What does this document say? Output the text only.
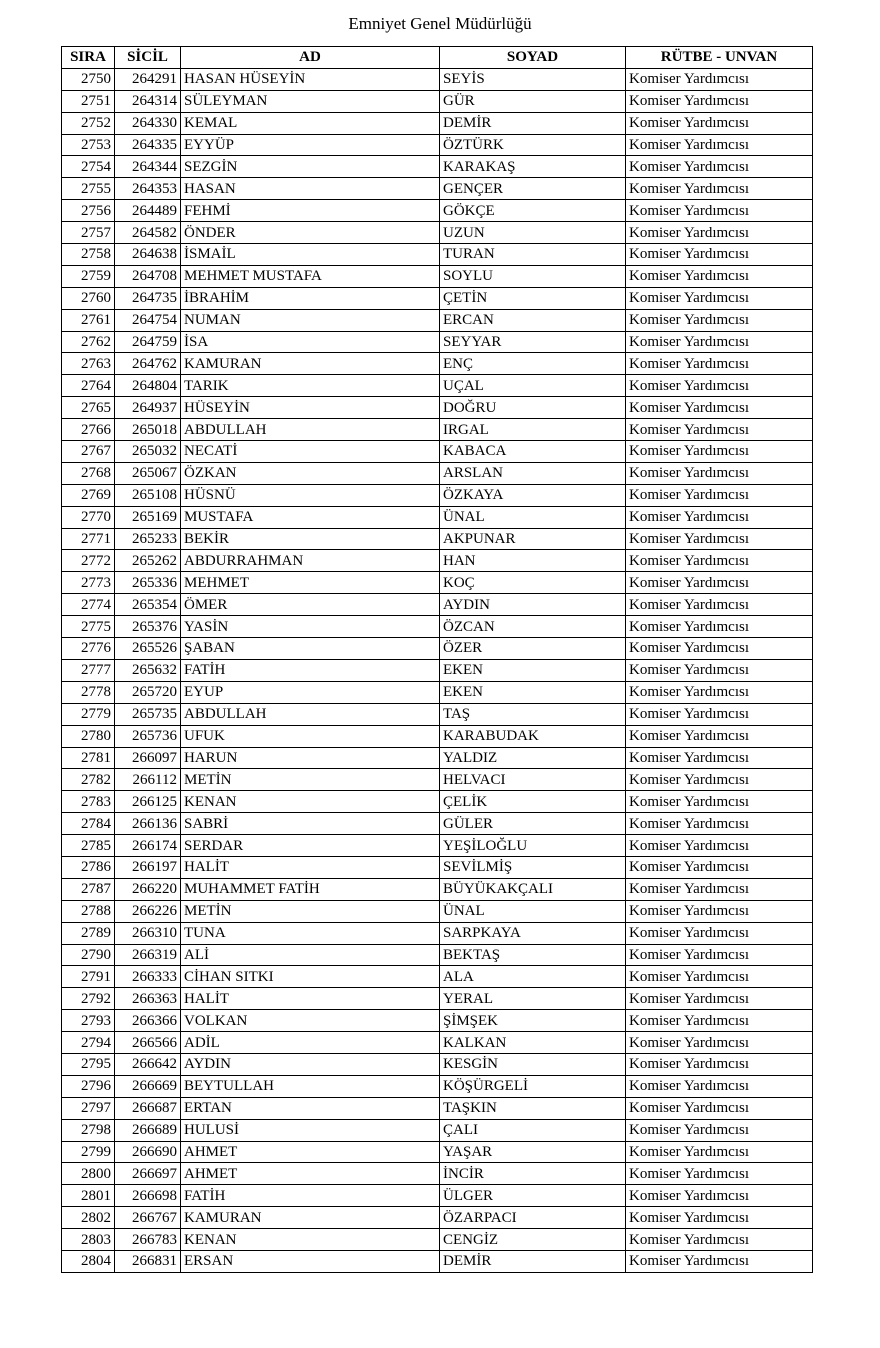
Emniyet Genel Müdürlüğü
SIRA	SİCİL	AD	SOYAD	RÜTBE - UNVAN
2750	264291	HASAN HÜSEYİN	SEYİS	Komiser Yardımcısı
2751	264314	SÜLEYMAN	GÜR	Komiser Yardımcısı
2752	264330	KEMAL	DEMİR	Komiser Yardımcısı
2753	264335	EYYÜP	ÖZTÜRK	Komiser Yardımcısı
2754	264344	SEZGİN	KARAKAŞ	Komiser Yardımcısı
2755	264353	HASAN	GENÇER	Komiser Yardımcısı
2756	264489	FEHMİ	GÖKÇE	Komiser Yardımcısı
2757	264582	ÖNDER	UZUN	Komiser Yardımcısı
2758	264638	İSMAİL	TURAN	Komiser Yardımcısı
2759	264708	MEHMET MUSTAFA	SOYLU	Komiser Yardımcısı
2760	264735	İBRAHİM	ÇETİN	Komiser Yardımcısı
2761	264754	NUMAN	ERCAN	Komiser Yardımcısı
2762	264759	İSA	SEYYAR	Komiser Yardımcısı
2763	264762	KAMURAN	ENÇ	Komiser Yardımcısı
2764	264804	TARIK	UÇAL	Komiser Yardımcısı
2765	264937	HÜSEYİN	DOĞRU	Komiser Yardımcısı
2766	265018	ABDULLAH	IRGAL	Komiser Yardımcısı
2767	265032	NECATİ	KABACA	Komiser Yardımcısı
2768	265067	ÖZKAN	ARSLAN	Komiser Yardımcısı
2769	265108	HÜSNÜ	ÖZKAYA	Komiser Yardımcısı
2770	265169	MUSTAFA	ÜNAL	Komiser Yardımcısı
2771	265233	BEKİR	AKPUNAR	Komiser Yardımcısı
2772	265262	ABDURRAHMAN	HAN	Komiser Yardımcısı
2773	265336	MEHMET	KOÇ	Komiser Yardımcısı
2774	265354	ÖMER	AYDIN	Komiser Yardımcısı
2775	265376	YASİN	ÖZCAN	Komiser Yardımcısı
2776	265526	ŞABAN	ÖZER	Komiser Yardımcısı
2777	265632	FATİH	EKEN	Komiser Yardımcısı
2778	265720	EYUP	EKEN	Komiser Yardımcısı
2779	265735	ABDULLAH	TAŞ	Komiser Yardımcısı
2780	265736	UFUK	KARABUDAK	Komiser Yardımcısı
2781	266097	HARUN	YALDIZ	Komiser Yardımcısı
2782	266112	METİN	HELVACI	Komiser Yardımcısı
2783	266125	KENAN	ÇELİK	Komiser Yardımcısı
2784	266136	SABRİ	GÜLER	Komiser Yardımcısı
2785	266174	SERDAR	YEŞİLOĞLU	Komiser Yardımcısı
2786	266197	HALİT	SEVİLMİŞ	Komiser Yardımcısı
2787	266220	MUHAMMET FATİH	BÜYÜKAKÇALI	Komiser Yardımcısı
2788	266226	METİN	ÜNAL	Komiser Yardımcısı
2789	266310	TUNA	SARPKAYA	Komiser Yardımcısı
2790	266319	ALİ	BEKTAŞ	Komiser Yardımcısı
2791	266333	CİHAN SITKI	ALA	Komiser Yardımcısı
2792	266363	HALİT	YERAL	Komiser Yardımcısı
2793	266366	VOLKAN	ŞİMŞEK	Komiser Yardımcısı
2794	266566	ADİL	KALKAN	Komiser Yardımcısı
2795	266642	AYDIN	KESGİN	Komiser Yardımcısı
2796	266669	BEYTULLAH	KÖŞÜRGELİ	Komiser Yardımcısı
2797	266687	ERTAN	TAŞKIN	Komiser Yardımcısı
2798	266689	HULUSİ	ÇALI	Komiser Yardımcısı
2799	266690	AHMET	YAŞAR	Komiser Yardımcısı
2800	266697	AHMET	İNCİR	Komiser Yardımcısı
2801	266698	FATİH	ÜLGER	Komiser Yardımcısı
2802	266767	KAMURAN	ÖZARPACI	Komiser Yardımcısı
2803	266783	KENAN	CENGİZ	Komiser Yardımcısı
2804	266831	ERSAN	DEMİR	Komiser Yardımcısı
